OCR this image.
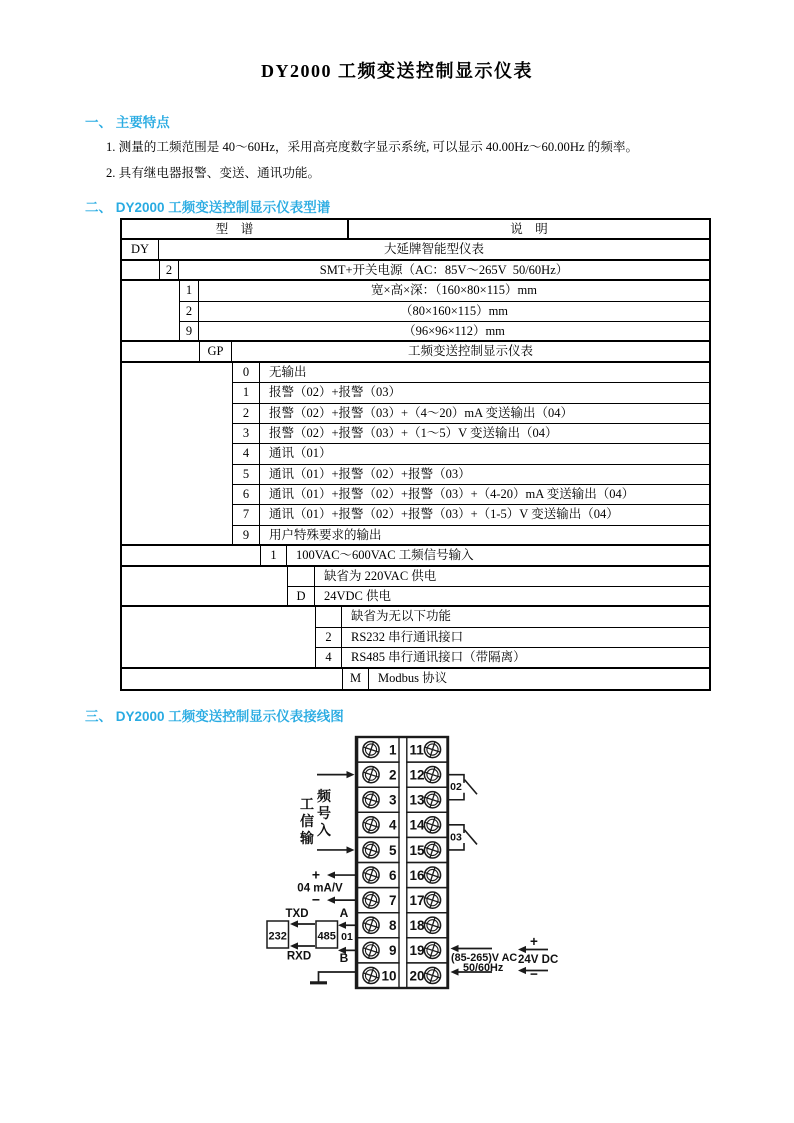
DY2000 工频变送控制显示仪表
一、 主要特点
1. 测量的工频范围是 40～60Hz，采用高亮度数字显示系统, 可以显示 40.00Hz～60.00Hz 的频率。
2. 具有继电器报警、变送、通讯功能。
二、 DY2000 工频变送控制显示仪表型谱
型    谱	说    明
DY	大延牌智能型仪表
2	SMT+开关电源（AC：85V～265V  50/60Hz）
1	宽×高×深：（160×80×115）mm
2	（80×160×115）mm
9	（96×96×112）mm
GP	工频变送控制显示仪表
0	无输出
1	报警（02）+报警（03）
2	报警（02）+报警（03）+（4～20）mA 变送输出（04）
3	报警（02）+报警（03）+（1～5）V 变送输出（04）
4	通讯（01）
5	通讯（01）+报警（02）+报警（03）
6	通讯（01）+报警（02）+报警（03）+（4-20）mA 变送输出（04）
7	通讯（01）+报警（02）+报警（03）+（1-5）V 变送输出（04）
9	用户特殊要求的输出
1	100VAC～600VAC 工频信号输入
缺省为 220VAC 供电
D	24VDC 供电
缺省为无以下功能
2	RS232 串行通讯接口
4	RS485 串行通讯接口（带隔离）
M	Modbus 协议
三、 DY2000 工频变送控制显示仪表接线图
1 11
2 12
3 13
4 14
5 15
6 16
7 17
8 18
9 19
10 20
工 频
信 号
输 入
+
04 mA/V
−
A
01
B
485
TXD
RXD
232
02
03
(85-265)V AC
50/60Hz
+
24V DC
−
